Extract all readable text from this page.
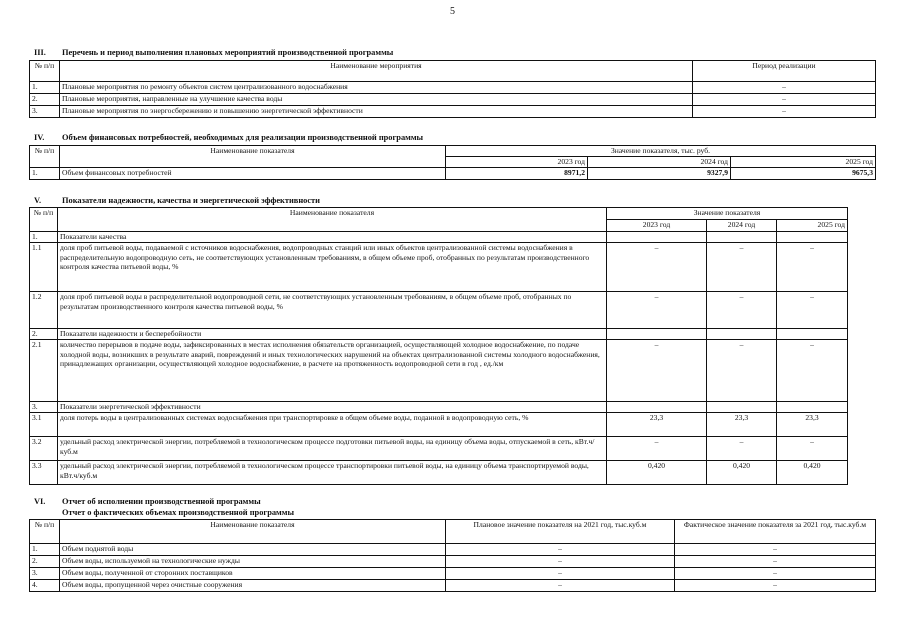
5
III. Перечень и период выполнения плановых мероприятий производственной программы
№ п/п	Наименование мероприятия	Период реализации
1.	Плановые мероприятия по ремонту объектов систем централизованного водоснабжения	–
2.	Плановые мероприятия, направленные на улучшение качества воды	–
3.	Плановые мероприятия по энергосбережению и повышению энергетической эффективности	–
IV. Объем финансовых потребностей, необходимых для реализации производственной программы
№ п/п	Наименование показателя	Значение показателя, тыс. руб.		
		2023 год	2024 год	2025 год
1.	Объем финансовых потребностей	8971,2	9327,9	9675,3
V. Показатели надежности, качества и энергетической эффективности
№ п/п	Наименование показателя	Значение показателя		
		2023 год	2024 год	2025 год
1.	Показатели качества			
1.1	доля проб питьевой воды, подаваемой с источников водоснабжения, водопроводных станций или иных объектов централизованной системы водоснабжения в распределительную водопроводную сеть, не соответствующих установленным требованиям, в общем объеме проб, отобранных по результатам производственного контроля качества питьевой воды, %	–	–	–
1.2	доля проб питьевой воды в распределительной водопроводной сети, не соответствующих установленным требованиям, в общем объеме проб, отобранных по результатам производственного контроля качества питьевой воды, %	–	–	–
2.	Показатели надежности и бесперебойности			
2.1	количество перерывов в подаче воды, зафиксированных в местах исполнения обязательств организацией, осуществляющей холодное водоснабжение, по подаче холодной воды, возникших в результате аварий, повреждений и иных технологических нарушений на объектах централизованной системы холодного водоснабжения, принадлежащих организации, осуществляющей холодное водоснабжение, в расчете на протяженность водопроводной сети в год , ед./км	–	–	–
3.	Показатели энергетической эффективности			
3.1	доля потерь воды в централизованных системах водоснабжения при транспортировке в общем объеме воды, поданной в водопроводную сеть, %	23,3	23,3	23,3
3.2	удельный расход электрической энергии, потребляемой в технологическом процессе подготовки питьевой воды, на единицу объема воды, отпускаемой в сеть, кВт.ч/куб.м	–	–	–
3.3	удельный расход электрической энергии, потребляемой в технологическом процессе транспортировки питьевой воды, на единицу объема транспортируемой воды, кВт.ч/куб.м	0,420	0,420	0,420
VI. Отчет об исполнении производственной программы
Отчет о фактических объемах производственной программы
№ п/п	Наименование показателя	Плановое значение показателя на 2021 год, тыс.куб.м	Фактическое значение показателя за 2021 год, тыс.куб.м
1.	Объем поднятой воды	–	–
2.	Объем воды, используемой на технологические нужды	–	–
3.	Объем воды, полученной от сторонних поставщиков	–	–
4.	Объем воды, пропущенной через очистные сооружения	–	–
